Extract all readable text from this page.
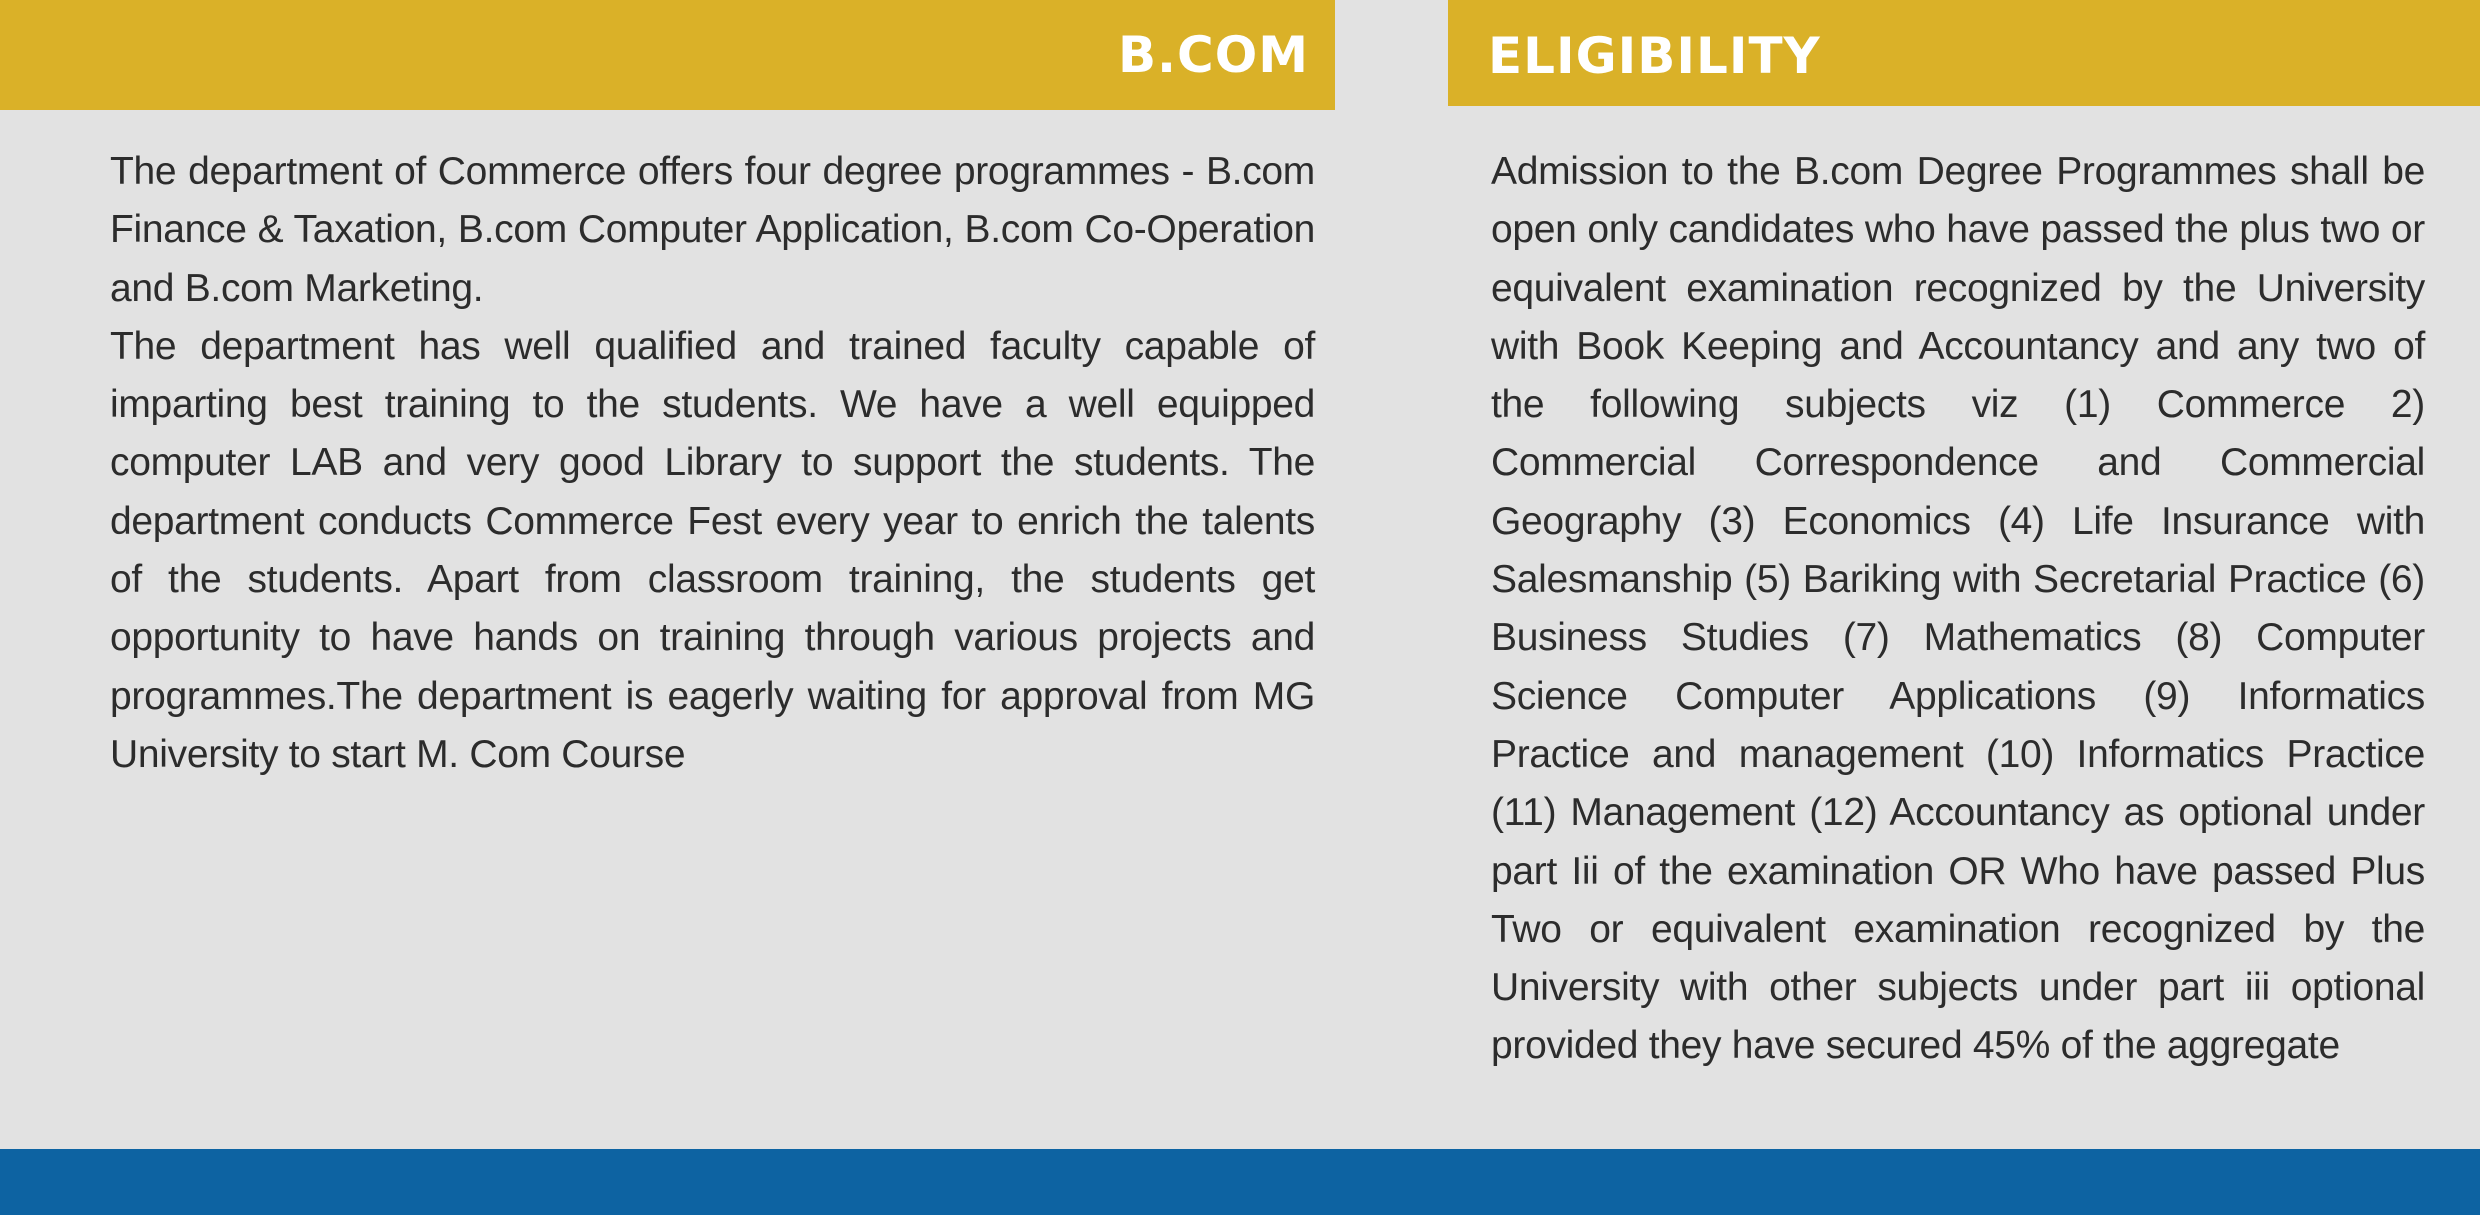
B.COM	ELIGIBILITY

The department of Commerce offers four degree programmes - B.com Finance & Taxation, B.com Computer Application, B.com Co-Operation and B.com Marketing.

The department has well qualified and trained faculty capable of imparting best training to the students. We have a well equipped computer LAB and very good Library to support the students. The department conducts Commerce Fest every year to enrich the talents of the students. Apart from classroom training, the students get opportunity to have hands on training through various projects and programmes.The department is eagerly waiting for approval from MG University to start M. Com Course

Admission to the B.com Degree Programmes shall be open only candidates who have passed the plus two or equivalent examination recognized by the University with Book Keeping and Accountancy and any two of the following subjects viz (1) Commerce 2) Commercial Correspondence and Commercial Geography (3) Economics (4) Life Insurance with Salesmanship (5) Bariking with Secretarial Practice (6) Business Studies (7) Mathematics (8) Computer Science Computer Applications (9) Informatics Practice and management (10) Informatics Practice (11) Management (12) Accountancy as optional under part Iii of the examination OR Who have passed Plus Two or equivalent examination recognized by the University with other subjects under part iii optional provided they have secured 45% of the aggregate
